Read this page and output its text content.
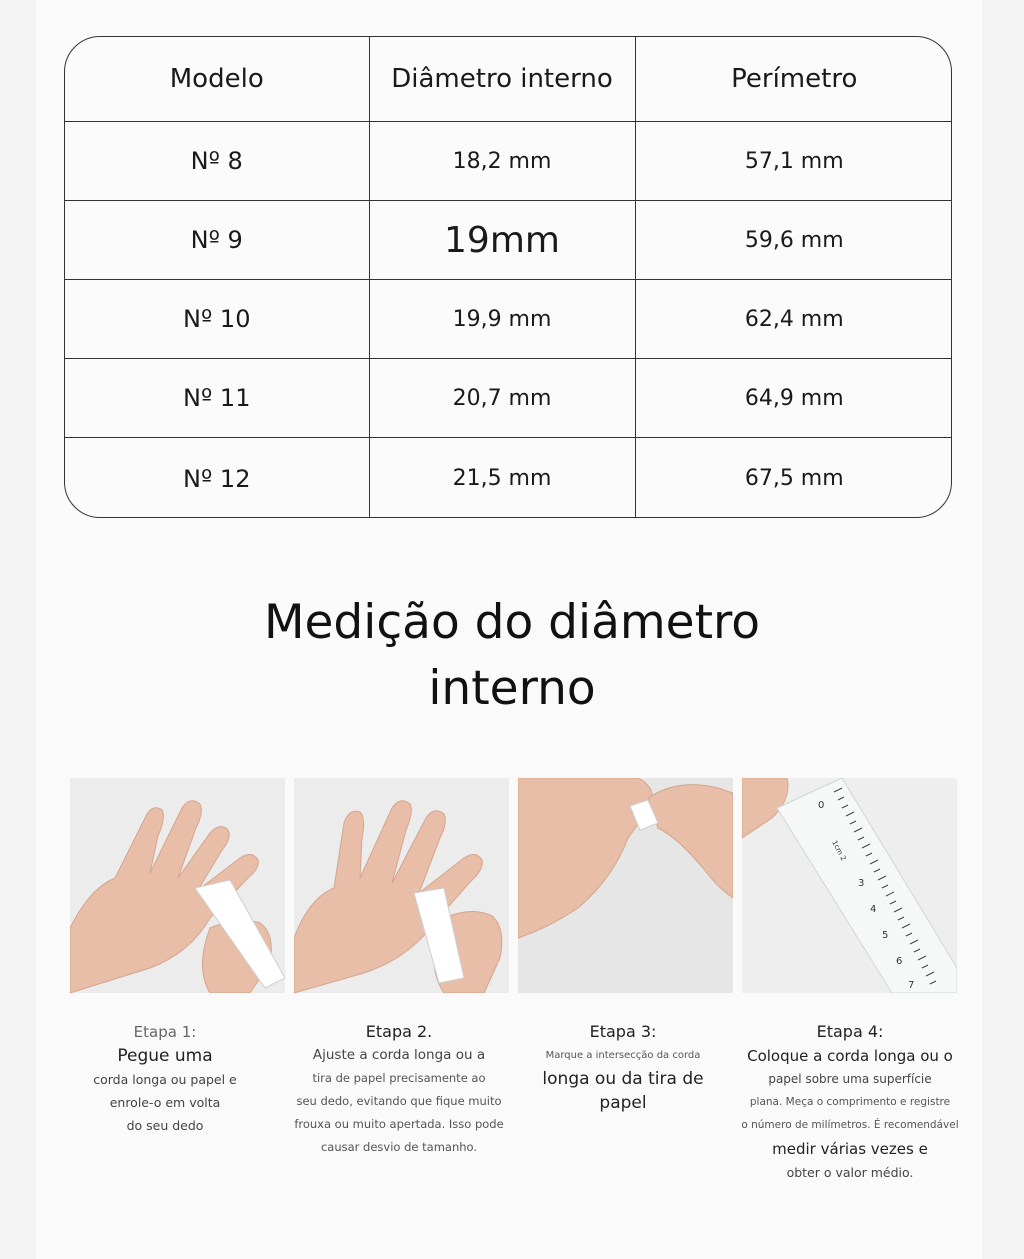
Modelo	Diâmetro interno	Perímetro
Nº 8	18,2 mm	57,1 mm
Nº 9	19mm	59,6 mm
Nº 10	19,9 mm	62,4 mm
Nº 11	20,7 mm	64,9 mm
Nº 12	21,5 mm	67,5 mm
Medição do diâmetro
interno
0
1cm 2
3
4
5
6
7
Etapa 1:
Pegue uma
corda longa ou papel e
enrole-o em volta
do seu dedo
Etapa 2.
Ajuste a corda longa ou a
tira de papel precisamente ao
seu dedo, evitando que fique muito
frouxa ou muito apertada. Isso pode
causar desvio de tamanho.
Etapa 3:
Marque a intersecção da corda
longa ou da tira de
papel
Etapa 4:
Coloque a corda longa ou o
papel sobre uma superfície
plana. Meça o comprimento e registre
o número de milímetros. É recomendável
medir várias vezes e
obter o valor médio.
